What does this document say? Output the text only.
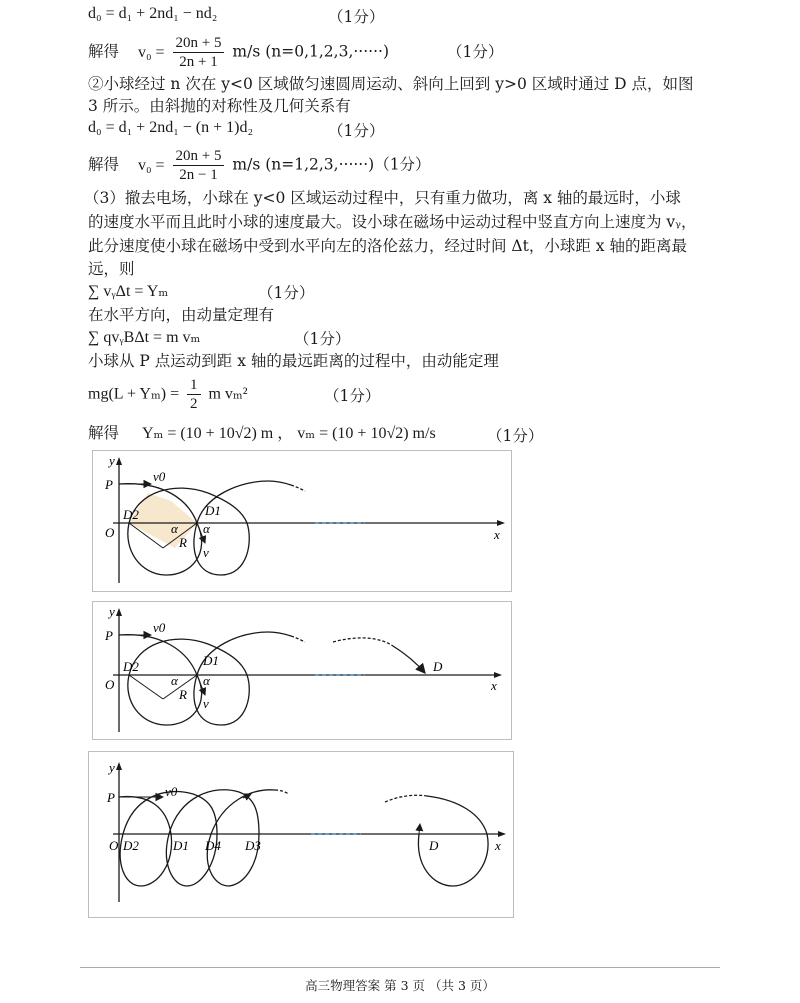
d₀ = d₁ + 2nd₁ − nd₂	（1分）
解得 $v_0 = \frac{20n + 5}{2n + 1} m/s$ (n=0,1,2,3,······)	（1分）
②小球经过 n 次在 y<0 区域做匀速圆周运动、斜向上回到 y>0 区域时通过 D 点，如图
3 所示。由斜抛的对称性及几何关系有
d₀ = d₁ + 2nd₁ − (n + 1)d₂	（1分）
解得 $v_0 = \frac{20n + 5}{2n - 1} m/s$ (n=1,2,3,······)（1分）
（3）撤去电场，小球在 y<0 区域运动过程中，只有重力做功，离 x 轴的最远时，小球
的速度水平而且此时小球的速度最大。设小球在磁场中运动过程中竖直方向上速度为 vᵧ，
此分速度使小球在磁场中受到水平向左的洛伦兹力，经过时间 Δt，小球距 x 轴的距离最
远，则
∑ vᵧΔt = Yₘ	（1分）
在水平方向，由动量定理有
∑ qvᵧBΔt = m vₘ	（1分）
小球从 P 点运动到距 x 轴的最远距离的过程中，由动能定理
$mg(L + Y_m) = \frac{1}{2}$ m vₘ²	（1分）
解得 Yₘ = (10 + 10√2) m ， vₘ = (10 + 10√2) m/s	（1分）
y
x
O
P
v0
D2	D1
α α
R
v
y
x
O
P
v0
D2	D1
α α
R
v
D
y
x
O
P	v0
D2	D1 D4 D3	D
高三物理答案 第 3 页 （共 3 页）
